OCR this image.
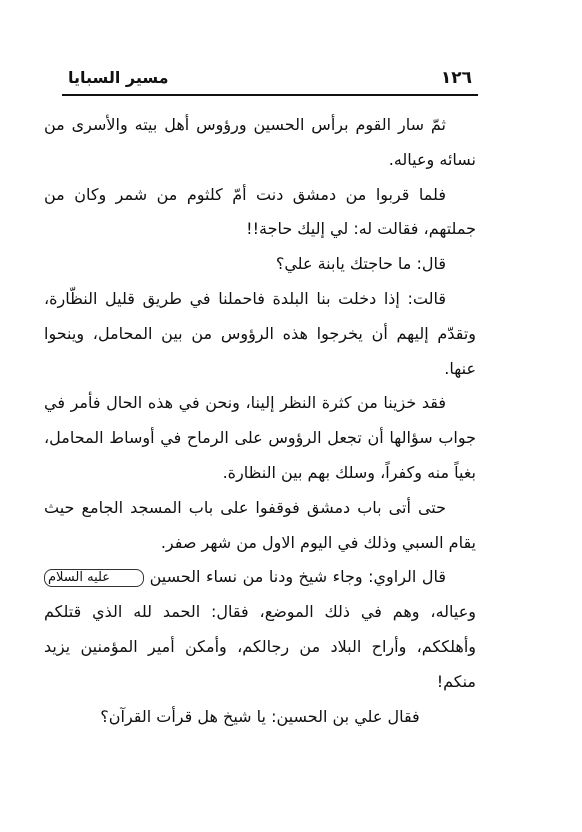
١٢٦
مسير السبايا

ثمّ سار القوم برأس الحسين ورؤوس أهل بيته والأسرى من نسائه وعياله.

فلما قربوا من دمشق دنت أمّ كلثوم من شمر وكان من جملتهم، فقالت له: لي إليك حاجة!!

قال: ما حاجتك يابنة علي؟

قالت: إذا دخلت بنا البلدة فاحملنا في طريق قليل النظّارة، وتقدّم إليهم أن يخرجوا هذه الرؤوس من بين المحامل، وينحوا عنها.

فقد خزينا من كثرة النظر إلينا، ونحن في هذه الحال فأمر في جواب سؤالها أن تجعل الرؤوس على الرماح في أوساط المحامل، بغياً منه وكفراً، وسلك بهم بين النظارة.

حتى أتى باب دمشق فوقفوا على باب المسجد الجامع حيث يقام السبي وذلك في اليوم الاول من شهر صفر.

قال الراوي: وجاء شيخ ودنا من نساء الحسين عليه السلام وعياله، وهم في ذلك الموضع، فقال: الحمد لله الذي قتلكم وأهلككم، وأراح البلاد من رجالكم، وأمكن أمير المؤمنين يزيد منكم!

فقال علي بن الحسين: يا شيخ هل قرأت القرآن؟
